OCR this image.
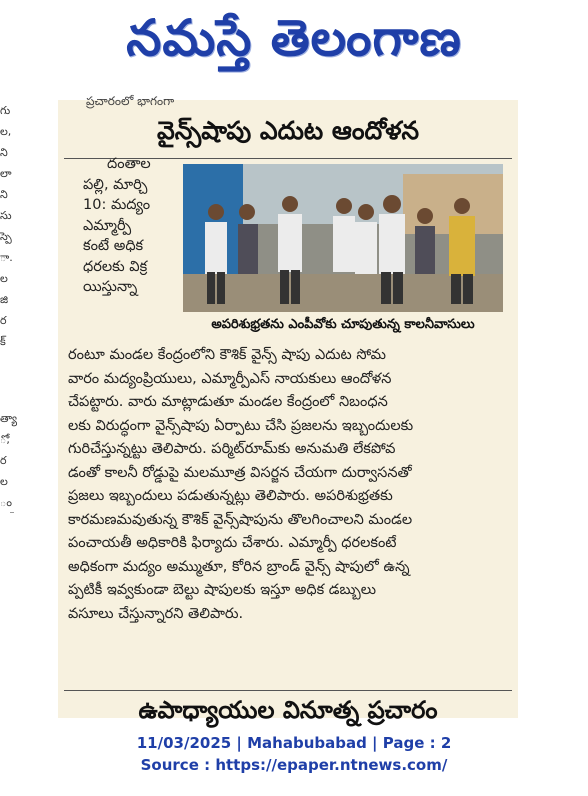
నమస్తే తెలంగాణ
గు
ల,
ని
లా
ని
సు
స్పె
ా.
ల
జి
ర
క్
త్యా
ో,
ర
ల
ం
ప్రచారంలో భాగంగా
వైన్స్‌షాపు ఎదుట ఆందోళన
దంతాల
పల్లి, మార్చి
10: మద్యం
ఎమ్మార్పీ
కంటే అధిక
ధరలకు విక్ర
యిస్తున్నా
అపరిశుభ్రతను ఎంపీవోకు చూపుతున్న కాలనీవాసులు
రంటూ మండల కేంద్రంలోని కౌశిక్ వైన్స్ షాపు ఎదుట సోమ
వారం మద్యంప్రియులు, ఎమ్మార్పీఎస్ నాయకులు ఆందోళన
చేపట్టారు. వారు మాట్లాడుతూ మండల కేంద్రంలో నిబంధన
లకు విరుద్ధంగా వైన్స్‌షాపు ఏర్పాటు చేసి ప్రజలను ఇబ్బందులకు
గురిచేస్తున్నట్టు తెలిపారు. పర్మిట్‌రూమ్‌కు అనుమతి లేకపోవ
డంతో కాలనీ రోడ్డుపై మలమూత్ర విసర్జన చేయగా దుర్వాసనతో
ప్రజలు ఇబ్బందులు పడుతున్నట్లు తెలిపారు. అపరిశుభ్రతకు
కారమణమవుతున్న కౌశిక్ వైన్స్‌షాపును తొలగించాలని మండల
పంచాయతీ అధికారికి ఫిర్యాదు చేశారు. ఎమ్మార్పీ ధరలకంటే
అధికంగా మద్యం అమ్ముతూ, కోరిన బ్రాండ్ వైన్స్ షాపులో ఉన్న
ప్పటికీ ఇవ్వకుండా బెల్టు షాపులకు ఇస్తూ అధిక డబ్బులు
వసూలు చేస్తున్నారని తెలిపారు.
ఉపాధ్యాయుల వినూత్న ప్రచారం
11/03/2025 | Mahabubabad | Page : 2
Source : https://epaper.ntnews.com/
